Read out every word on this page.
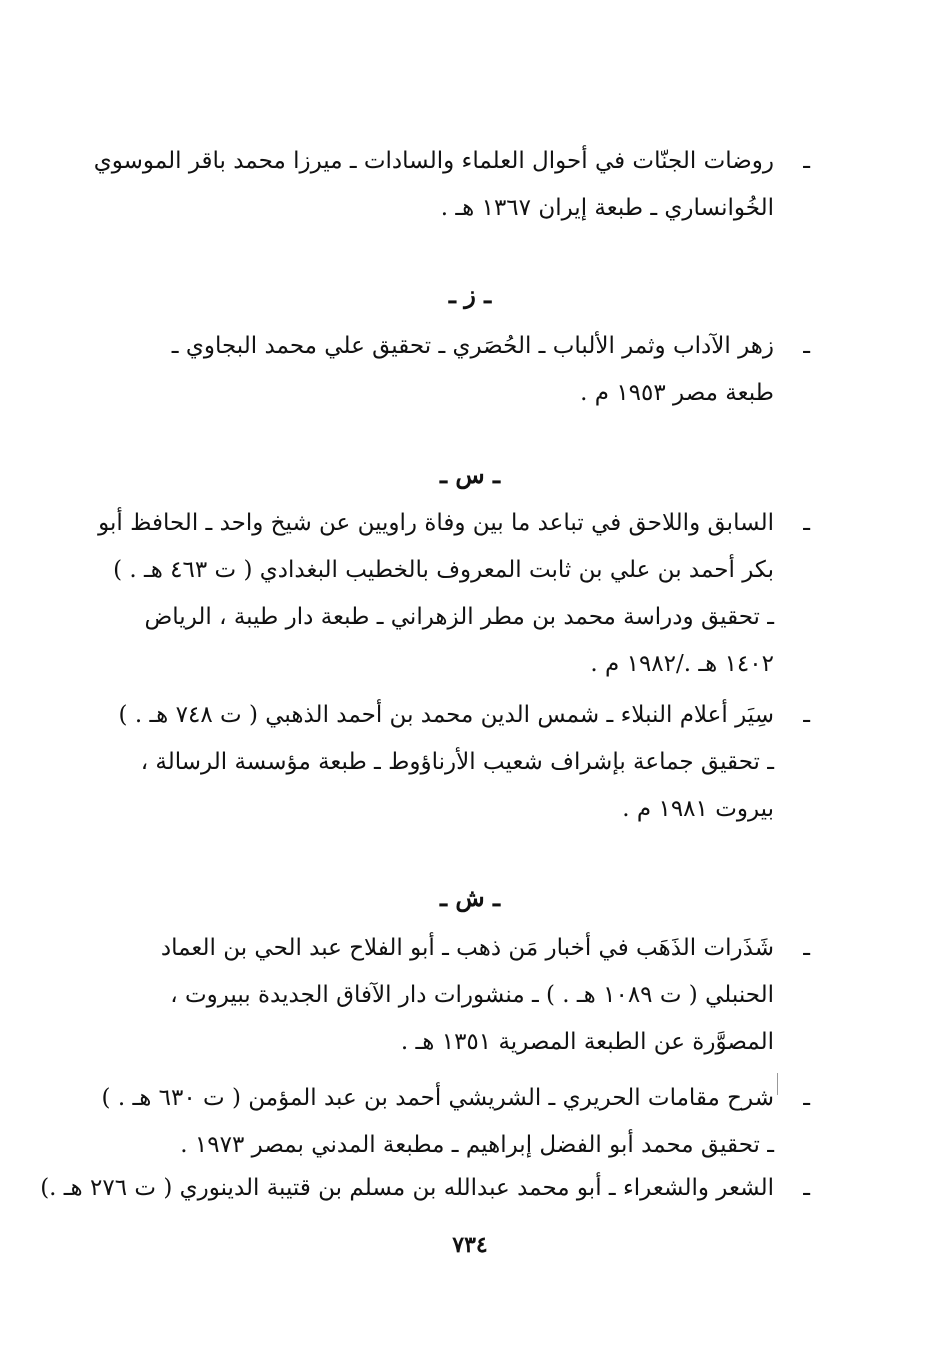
ـ
روضات الجنّات في أحوال العلماء والسادات ـ ميرزا محمد باقر الموسوي
الخُوانساري ـ طبعة إيران ١٣٦٧ هـ .
ـ ز ـ
ـ
زهر الآداب وثمر الألباب ـ الحُصَري ـ تحقيق علي محمد البجاوي ـ
طبعة مصر ١٩٥٣ م .
ـ س ـ
ـ
السابق واللاحق في تباعد ما بين وفاة راويين عن شيخ واحد ـ الحافظ أبو
بكر أحمد بن علي بن ثابت المعروف بالخطيب البغدادي ( ت ٤٦٣ هـ . )
ـ تحقيق ودراسة محمد بن مطر الزهراني ـ طبعة دار طيبة ، الرياض
١٤٠٢ هـ ./١٩٨٢ م .
ـ
سِيَر أعلام النبلاء ـ شمس الدين محمد بن أحمد الذهبي ( ت ٧٤٨ هـ . )
ـ تحقيق جماعة بإشراف شعيب الأرناؤوط ـ طبعة مؤسسة الرسالة ،
بيروت ١٩٨١ م .
ـ ش ـ
ـ
شَذَرات الذَهَب في أخبار مَن ذهب ـ أبو الفلاح عبد الحي بن العماد
الحنبلي ( ت ١٠٨٩ هـ . ) ـ منشورات دار الآفاق الجديدة ببيروت ،
المصوَّرة عن الطبعة المصرية ١٣٥١ هـ .
ـ
شرح مقامات الحريري ـ الشريشي أحمد بن عبد المؤمن ( ت ٦٣٠ هـ . )
ـ تحقيق محمد أبو الفضل إبراهيم ـ مطبعة المدني بمصر ١٩٧٣ .
ـ
الشعر والشعراء ـ أبو محمد عبدالله بن مسلم بن قتيبة الدينوري ( ت ٢٧٦ هـ .)
٧٣٤
